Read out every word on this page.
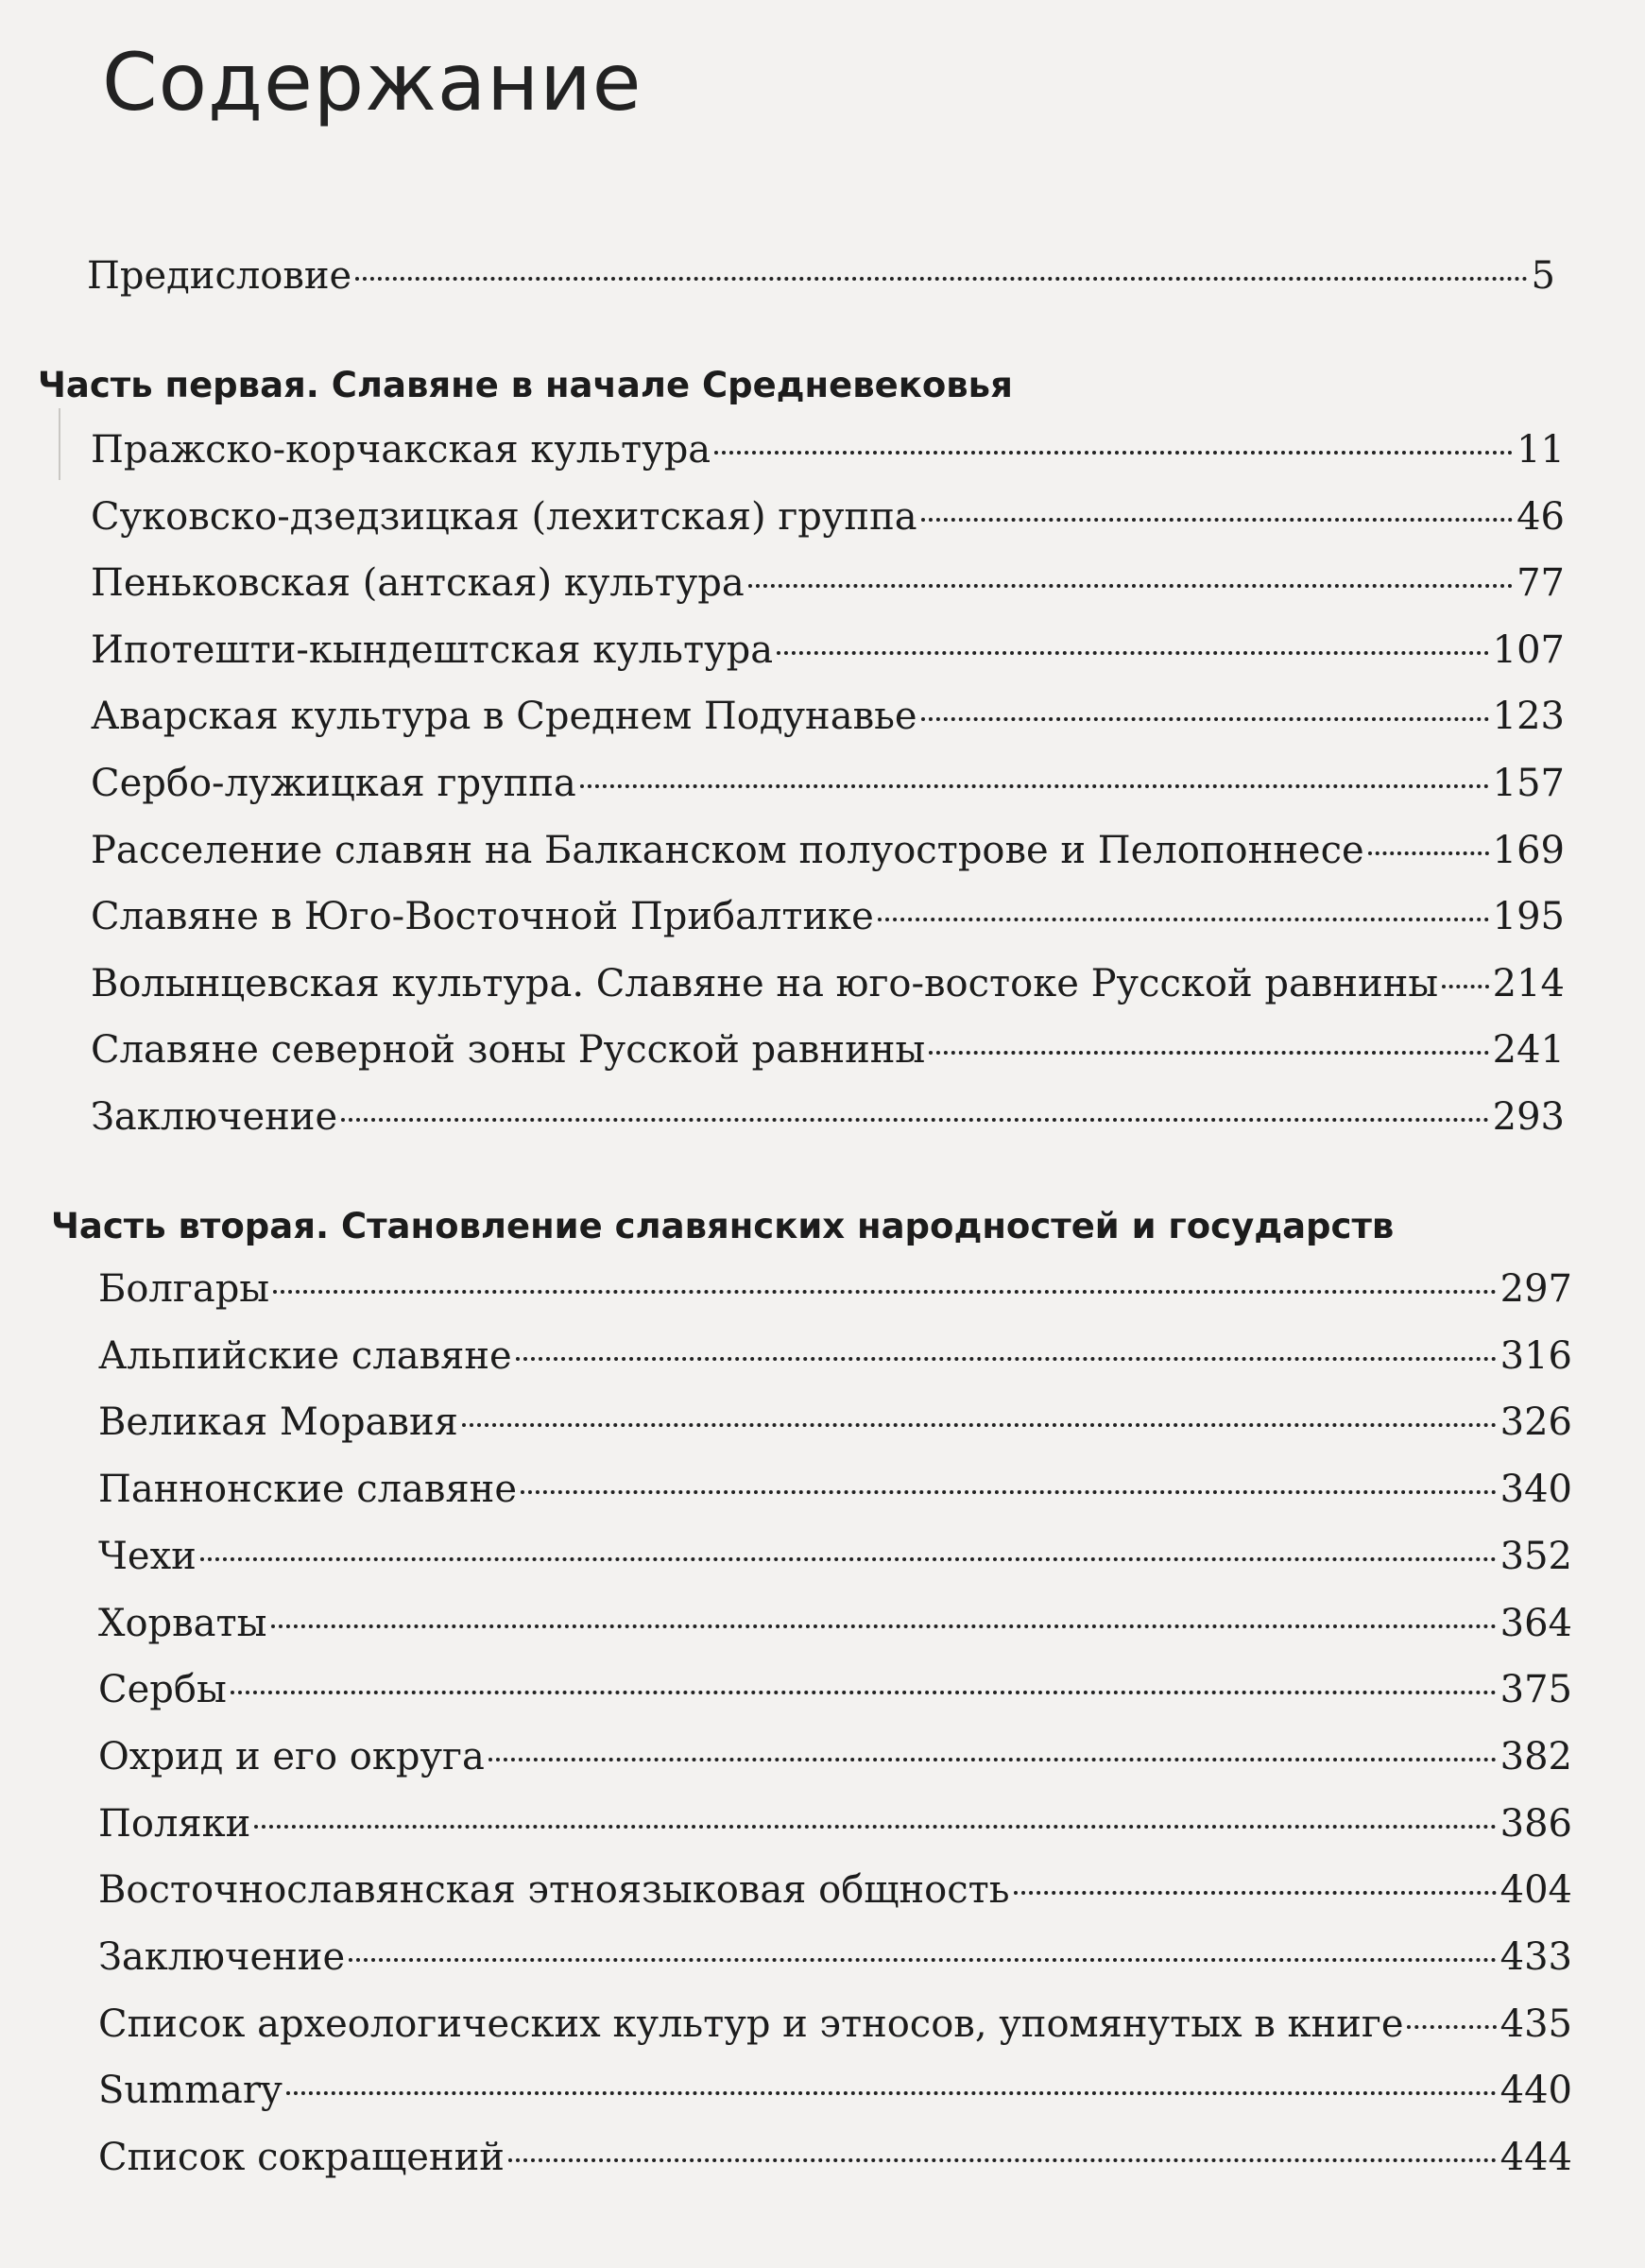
Содержание
Предисловие	5
Часть первая. Славяне в начале Средневековья
Пражско-корчакская культура	11
Суковско-дзедзицкая (лехитская) группа	46
Пеньковская (антская) культура	77
Ипотешти-кындештская культура	107
Аварская культура в Среднем Подунавье	123
Сербо-лужицкая группа	157
Расселение славян на Балканском полуострове и Пелопоннесе	169
Славяне в Юго-Восточной Прибалтике	195
Волынцевская культура. Славяне на юго-востоке Русской равнины 214
Славяне северной зоны Русской равнины	241
Заключение	293
Часть вторая. Становление славянских народностей и государств
Болгары	297
Альпийские славяне	316
Великая Моравия	326
Паннонские славяне	340
Чехи	352
Хорваты	364
Сербы	375
Охрид и его округа	382
Поляки	386
Восточнославянская этноязыковая общность	404
Заключение	433
Список археологических культур и этносов, упомянутых в книге	435
Summary	440
Список сокращений	444
